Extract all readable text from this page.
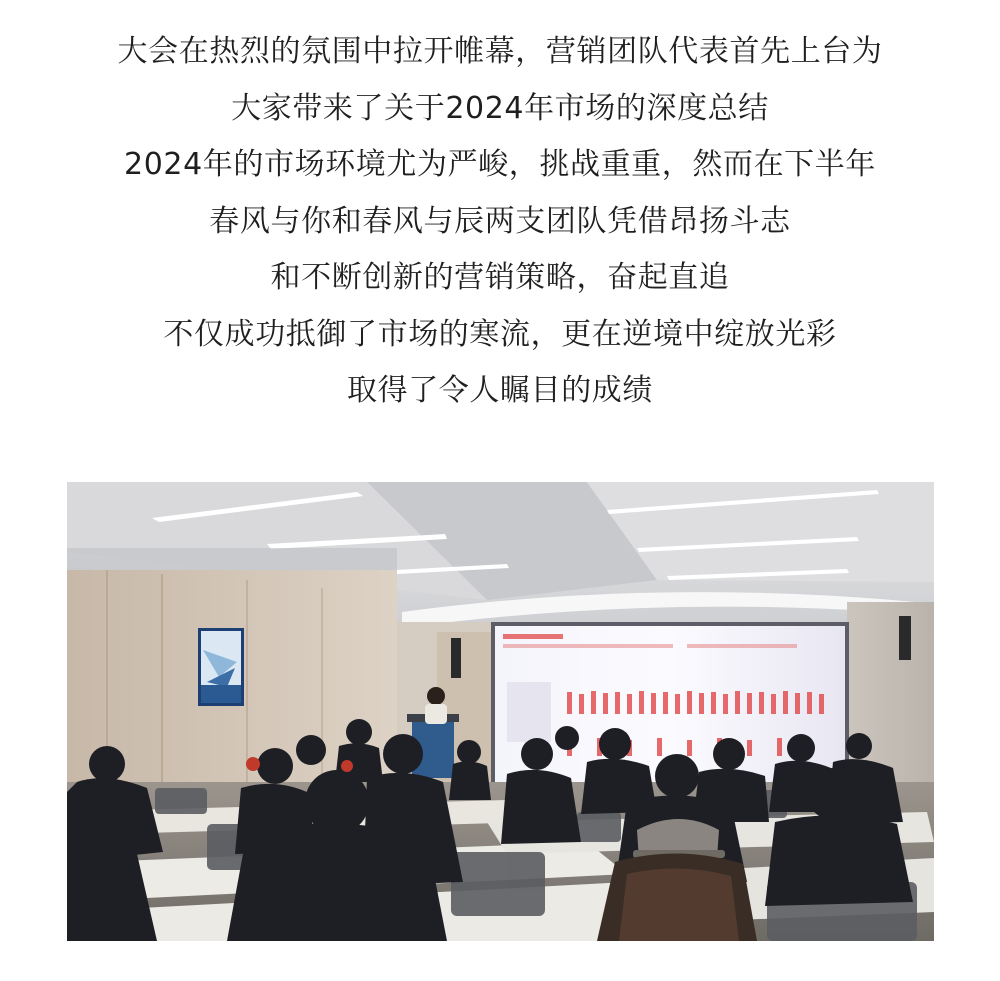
大会在热烈的氛围中拉开帷幕，营销团队代表首先上台为
大家带来了关于2024年市场的深度总结
2024年的市场环境尤为严峻，挑战重重，然而在下半年
春风与你和春风与辰两支团队凭借昂扬斗志
和不断创新的营销策略，奋起直追
不仅成功抵御了市场的寒流，更在逆境中绽放光彩
取得了令人瞩目的成绩
